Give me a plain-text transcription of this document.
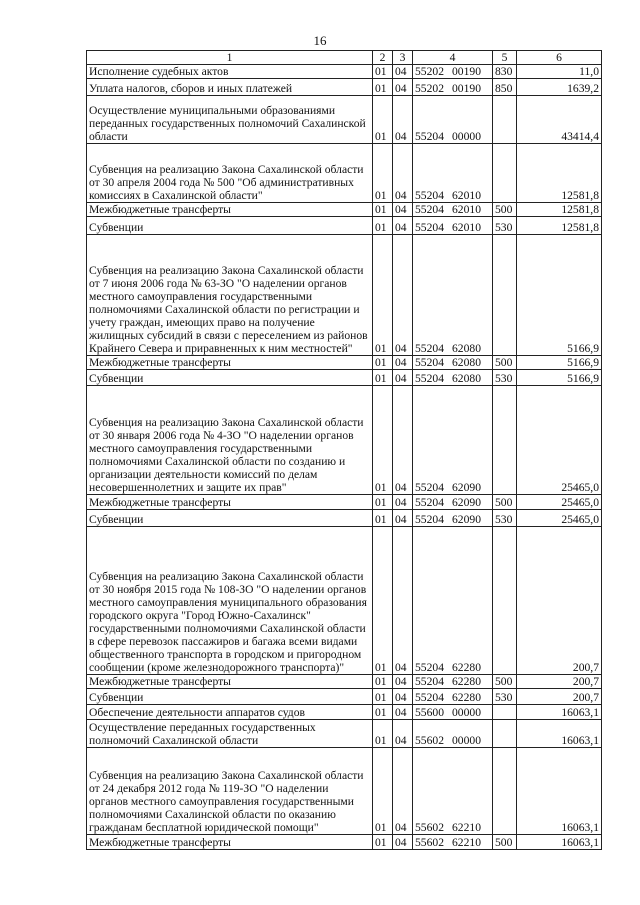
16
1	2	3	4	5	6
Исполнение судебных актов	01	04	55202 00190	830	11,0
Уплата налогов, сборов и иных платежей	01	04	55202 00190	850	1639,2
Осуществление муниципальными образованиями переданных государственных полномочий Сахалинской области	01	04	55204 00000		43414,4
Субвенция на реализацию Закона Сахалинской области от 30 апреля 2004 года № 500 "Об административных комиссиях в Сахалинской области"	01	04	55204 62010		12581,8
Межбюджетные трансферты	01	04	55204 62010	500	12581,8
Субвенции	01	04	55204 62010	530	12581,8
Субвенция на реализацию Закона Сахалинской области от 7 июня 2006 года № 63-ЗО "О наделении органов местного самоуправления государственными полномочиями Сахалинской области по регистрации и учету граждан, имеющих право на получение жилищных субсидий в связи с переселением из районов Крайнего Севера и приравненных к ним местностей"	01	04	55204 62080		5166,9
Межбюджетные трансферты	01	04	55204 62080	500	5166,9
Субвенции	01	04	55204 62080	530	5166,9
Субвенция на реализацию Закона Сахалинской области от 30 января 2006 года № 4-ЗО "О наделении органов местного самоуправления государственными полномочиями Сахалинской области по созданию и организации деятельности комиссий по делам несовершеннолетних и защите их прав"	01	04	55204 62090		25465,0
Межбюджетные трансферты	01	04	55204 62090	500	25465,0
Субвенции	01	04	55204 62090	530	25465,0
Субвенция на реализацию Закона Сахалинской области от 30 ноября 2015 года № 108-ЗО "О наделении органов местного самоуправления муниципального образования городского округа "Город Южно-Сахалинск" государственными полномочиями Сахалинской области в сфере перевозок пассажиров и багажа всеми видами общественного транспорта в городском и пригородном сообщении (кроме железнодорожного транспорта)"	01	04	55204 62280		200,7
Межбюджетные трансферты	01	04	55204 62280	500	200,7
Субвенции	01	04	55204 62280	530	200,7
Обеспечение деятельности аппаратов судов	01	04	55600 00000		16063,1
Осуществление переданных государственных полномочий Сахалинской области	01	04	55602 00000		16063,1
Субвенция на реализацию Закона Сахалинской области от 24 декабря 2012 года № 119-ЗО "О наделении органов местного самоуправления государственными полномочиями Сахалинской области по оказанию гражданам бесплатной юридической помощи"	01	04	55602 62210		16063,1
Межбюджетные трансферты	01	04	55602 62210	500	16063,1
